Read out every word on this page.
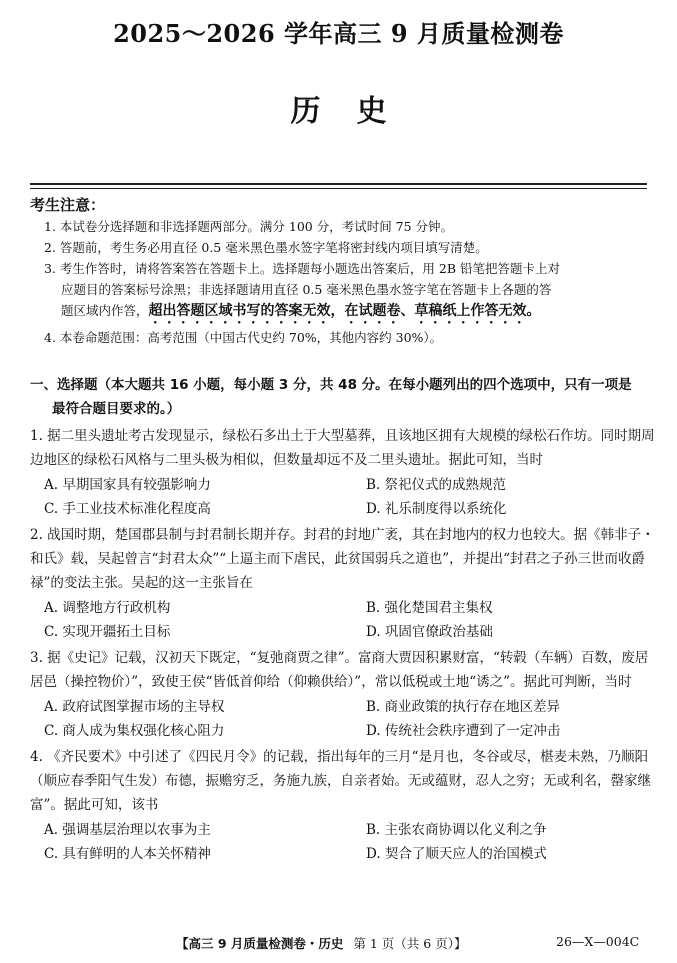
2025～2026 学年高三 9 月质量检测卷
历史
考生注意：
1. 本试卷分选择题和非选择题两部分。满分 100 分，考试时间 75 分钟。
2. 答题前，考生务必用直径 0.5 毫米黑色墨水签字笔将密封线内项目填写清楚。
3. 考生作答时，请将答案答在答题卡上。选择题每小题选出答案后，用 2B 铅笔把答题卡上对
应题目的答案标号涂黑；非选择题请用直径 0.5 毫米黑色墨水签字笔在答题卡上各题的答
题区域内作答，超出答题区域书写的答案无效，在试题卷、草稿纸上作答无效。
4. 本卷命题范围：高考范围（中国古代史约 70%，其他内容约 30%）。
一、选择题（本大题共 16 小题，每小题 3 分，共 48 分。在每小题列出的四个选项中，只有一项是
最符合题目要求的。）

1. 据二里头遗址考古发现显示，绿松石多出土于大型墓葬，且该地区拥有大规模的绿松石作坊。同时期周边地区的绿松石风格与二里头极为相似，但数量却远不及二里头遗址。据此可知，当时

A. 早期国家具有较强影响力	B. 祭祀仪式的成熟规范
C. 手工业技术标准化程度高	D. 礼乐制度得以系统化

2. 战国时期，楚国郡县制与封君制长期并存。封君的封地广袤，其在封地内的权力也较大。据《韩非子・和氏》载，吴起曾言“封君太众”“上逼主而下虐民，此贫国弱兵之道也”，并提出“封君之子孙三世而收爵禄”的变法主张。吴起的这一主张旨在

A. 调整地方行政机构	B. 强化楚国君主集权
C. 实现开疆拓土目标	D. 巩固官僚政治基础

3. 据《史记》记载，汉初天下既定，“复弛商贾之律”。富商大贾因积累财富，“转毂（车辆）百数，废居居邑（操控物价）”，致使王侯“皆低首仰给（仰赖供给）”，常以低税或土地“诱之”。据此可判断，当时

A. 政府试图掌握市场的主导权	B. 商业政策的执行存在地区差异
C. 商人成为集权强化核心阻力	D. 传统社会秩序遭到了一定冲击

4. 《齐民要术》中引述了《四民月令》的记载，指出每年的三月“是月也，冬谷或尽，椹麦未熟，乃顺阳（顺应春季阳气生发）布德，振赡穷乏，务施九族，自亲者始。无或蕴财，忍人之穷；无或利名，罄家继富”。据此可知，该书

A. 强调基层治理以农事为主	B. 主张农商协调以化义利之争
C. 具有鲜明的人本关怀精神	D. 契合了顺天应人的治国模式
【高三 9 月质量检测卷・历史 第 1 页（共 6 页）】	26—X—004C
